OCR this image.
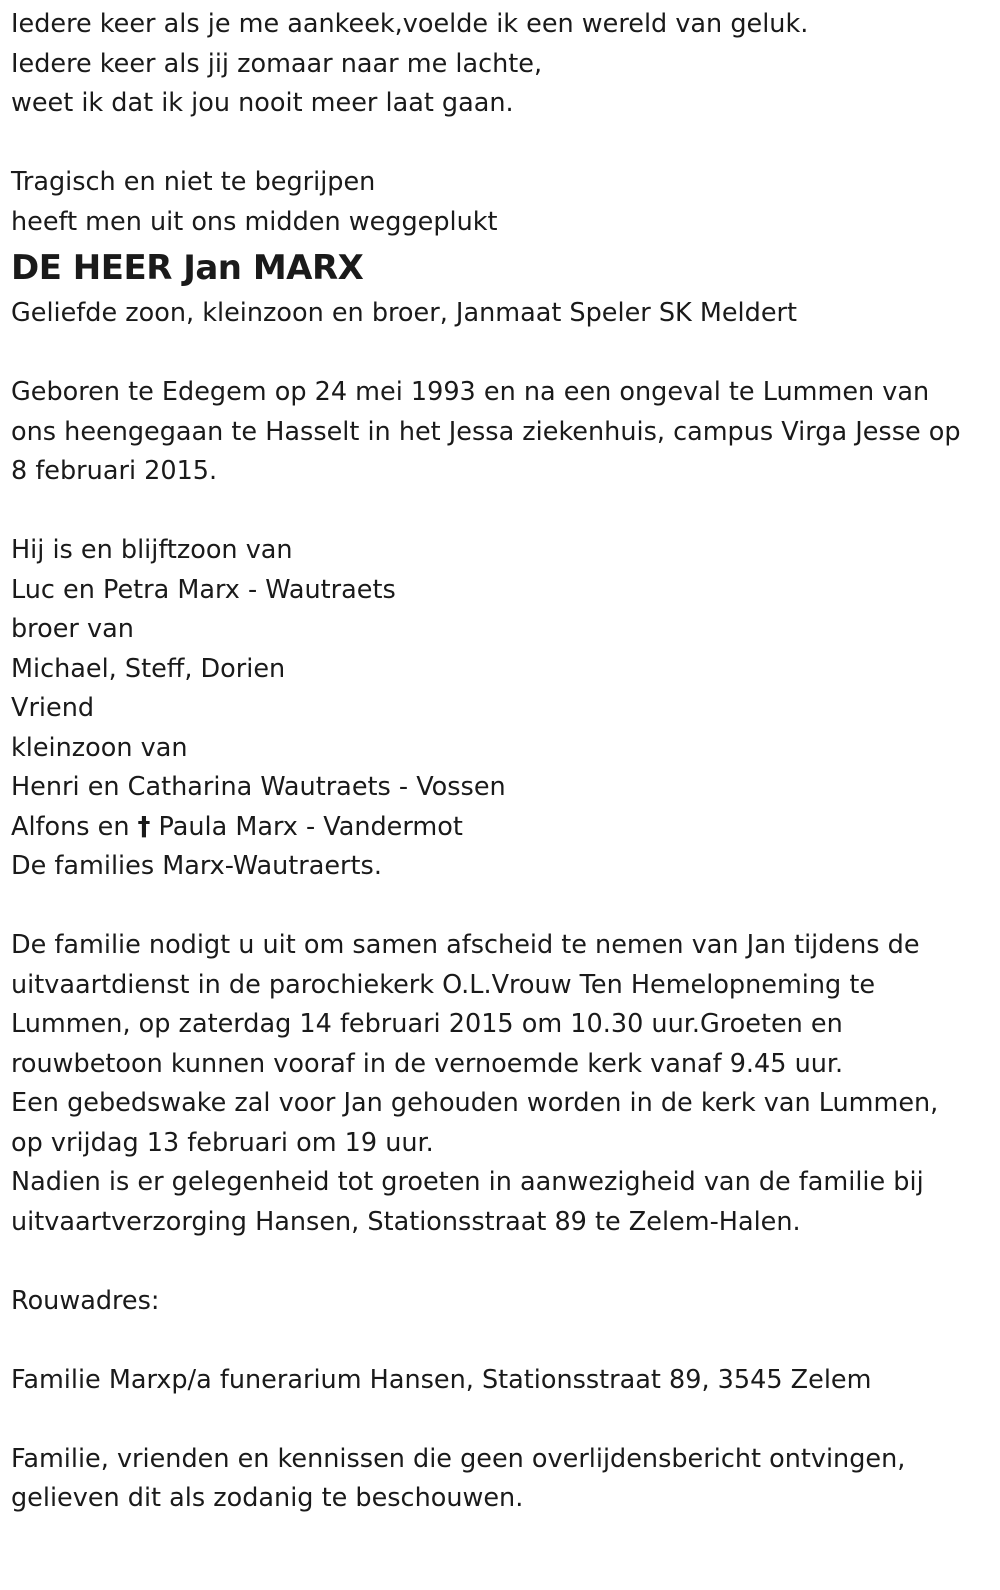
Iedere keer als je me aankeek,voelde ik een wereld van geluk.
Iedere keer als jij zomaar naar me lachte,
weet ik dat ik jou nooit meer laat gaan.
Tragisch en niet te begrijpen
heeft men uit ons midden weggeplukt
DE HEER Jan MARX
Geliefde zoon, kleinzoon en broer, Janmaat Speler SK Meldert
Geboren te Edegem op 24 mei 1993 en na een ongeval te Lummen van
ons heengegaan te Hasselt in het Jessa ziekenhuis, campus Virga Jesse op
8 februari 2015.
Hij is en blijftzoon van
Luc en Petra Marx - Wautraets
broer van
Michael, Steff, Dorien
Vriend
kleinzoon van
Henri en Catharina Wautraets - Vossen
Alfons en † Paula Marx - Vandermot
De families Marx-Wautraerts.
De familie nodigt u uit om samen afscheid te nemen van Jan tijdens de
uitvaartdienst in de parochiekerk O.L.Vrouw Ten Hemelopneming te
Lummen, op zaterdag 14 februari 2015 om 10.30 uur.Groeten en
rouwbetoon kunnen vooraf in de vernoemde kerk vanaf 9.45 uur.
Een gebedswake zal voor Jan gehouden worden in de kerk van Lummen,
op vrijdag 13 februari om 19 uur.
Nadien is er gelegenheid tot groeten in aanwezigheid van de familie bij
uitvaartverzorging Hansen, Stationsstraat 89 te Zelem-Halen.
Rouwadres:
Familie Marxp/a funerarium Hansen, Stationsstraat 89, 3545 Zelem
Familie, vrienden en kennissen die geen overlijdensbericht ontvingen,
gelieven dit als zodanig te beschouwen.
